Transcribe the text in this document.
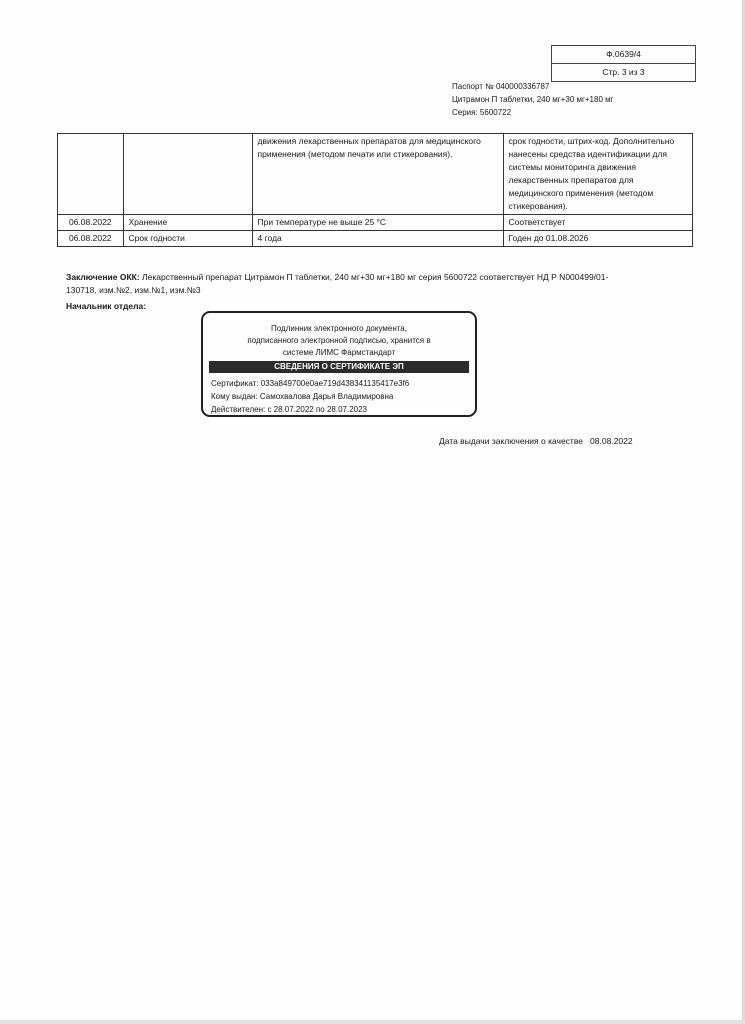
Ф.0639/4
Стр. 3 из 3
Паспорт № 040000336787
Цитрамон П таблетки, 240 мг+30 мг+180 мг
Серия: 5600722
		движения лекарственных препаратов для медицинского применения (методом печати или стикерования).	срок годности, штрих-код. Дополнительно нанесены средства идентификации для системы мониторинга движения лекарственных препаратов для медицинского применения (методом стикерования).
06.08.2022	Хранение	При температуре не выше 25 °C	Соответствует
06.08.2022	Срок годности	4 года	Годен до 01.08.2026
Заключение ОКК: Лекарственный препарат Цитрамон П таблетки, 240 мг+30 мг+180 мг серия 5600722 соответствует НД Р N000499/01-130718, изм.№2, изм.№1, изм.№3
Начальник отдела:
Подлинник электронного документа,
подписанного электронной подписью, хранится в
системе ЛИМС Фармстандарт
СВЕДЕНИЯ О СЕРТИФИКАТЕ ЭП
Сертификат: 033a849700e0ae719d438341135417e3f6
Кому выдан: Самохвалова Дарья Владимировна
Действителен: с 28.07.2022 по 28.07.2023
Дата выдачи заключения о качестве   08.08.2022
